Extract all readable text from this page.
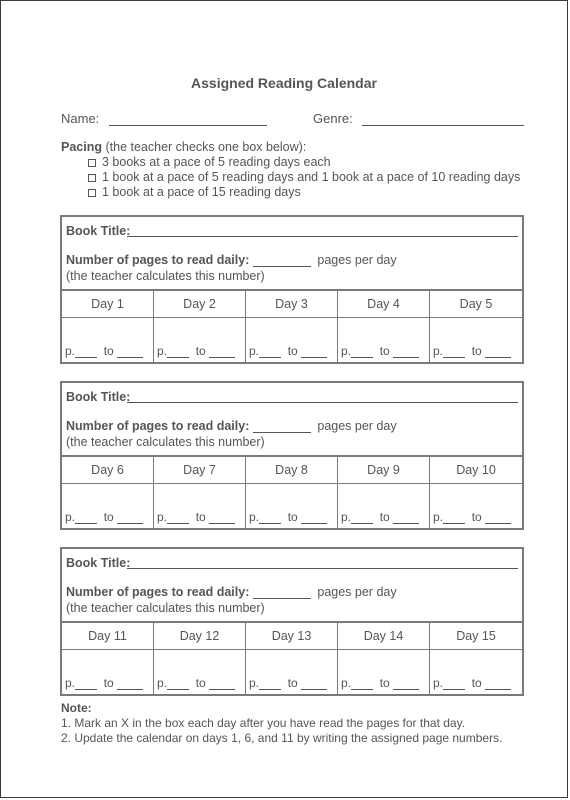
Assigned Reading Calendar
Name:	Genre:
Pacing (the teacher checks one box below):
3 books at a pace of 5 reading days each
1 book at a pace of 5 reading days and 1 book at a pace of 10 reading days
1 book at a pace of 15 reading days
Book Title:
Number of pages to read daily:	pages per day
(the teacher calculates this number)
Day 1	Day 2	Day 3	Day 4	Day 5
p. to	p. to	p. to	p. to	p. to
Book Title:
Number of pages to read daily:	pages per day
(the teacher calculates this number)
Day 6	Day 7	Day 8	Day 9	Day 10
p. to	p. to	p. to	p. to	p. to
Book Title:
Number of pages to read daily:	pages per day
(the teacher calculates this number)
Day 11	Day 12	Day 13	Day 14	Day 15
p. to	p. to	p. to	p. to	p. to
Note:
1. Mark an X in the box each day after you have read the pages for that day.
2. Update the calendar on days 1, 6, and 11 by writing the assigned page numbers.
